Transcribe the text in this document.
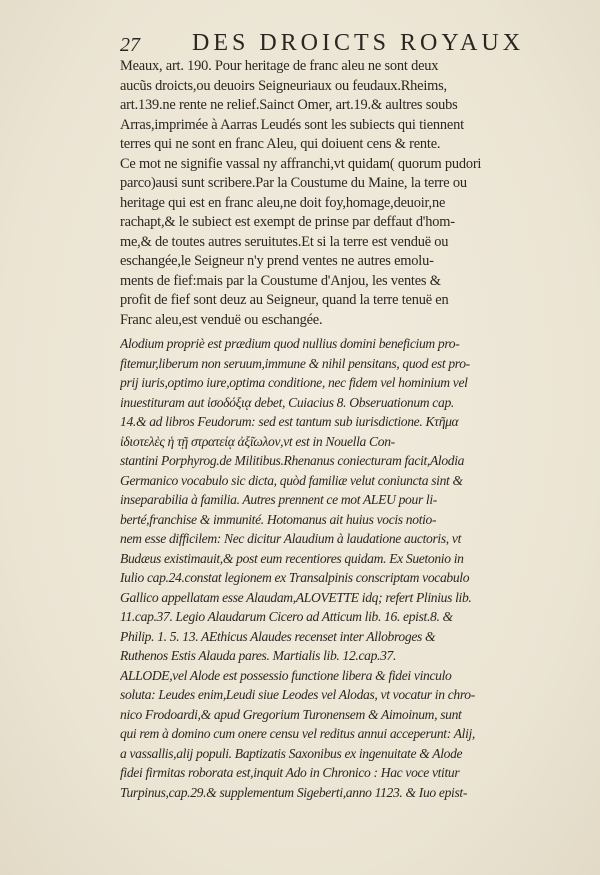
27 DES DROICTS ROYAUX
Meaux, art. 190. Pour heritage de franc aleu ne sont deux
aucũs droicts,ou deuoirs Seigneuriaux ou feudaux.Rheims,
art.139.ne rente ne relief.Sainct Omer, art.19.& aultres soubs
Arras,imprimée à Aarras Leudés sont les subiects qui tiennent
terres qui ne sont en franc Aleu, qui doiuent cens & rente.
Ce mot ne signifie vassal ny affranchi,vt quidam( quorum pudori
parco)ausi sunt scribere.Par la Coustume du Maine, la terre ou
heritage qui est en franc aleu,ne doit foy,homage,deuoir,ne
rachapt,& le subiect est exempt de prinse par deffaut d'hom-
me,& de toutes autres seruitutes.Et si la terre est venduë ou
eschangée,le Seigneur n'y prend ventes ne autres emolu-
ments de fief:mais par la Coustume d'Anjou, les ventes &
profit de fief sont deuz au Seigneur, quand la terre tenuë en
Franc aleu,est venduë ou eschangée.
Alodium propriè est prædium quod nullius domini beneficium pro-
fitemur,liberum non seruum,immune & nihil pensitans, quod est pro-
prij iuris,optimo iure,optima conditione, nec fidem vel hominium vel
inuestituram aut ἰσοδόξιᾳ debet, Cuiacius 8. Obseruationum cap.
14.& ad libros Feudorum: sed est tantum sub iurisdictione. Κτῆμα
ἰδιοτελὲς ἡ τῇ στρατείᾳ ἀξ̃ιωλον,vt est in Nouella Con-
stantini Porphyrog.de Militibus.Rhenanus coniecturam facit,Alodia
Germanico vocabulo sic dicta, quòd familiæ velut coniuncta sint &
inseparabilia à familia. Autres prennent ce mot ALEU pour li-
berté,franchise & immunité. Hotomanus ait huius vocis notio-
nem esse difficilem: Nec dicitur Alaudium à laudatione auctoris, vt
Budæus existimauit,& post eum recentiores quidam. Ex Suetonio in
Iulio cap.24.constat legionem ex Transalpinis conscriptam vocabulo
Gallico appellatam esse Alaudam,ALOVETTE idq; refert Plinius lib.
11.cap.37. Legio Alaudarum Cicero ad Atticum lib. 16. epist.8. &
Philip. 1. 5. 13. AEthicus Alaudes recenset inter Allobroges &
Ruthenos Estis Alauda pares. Martialis lib. 12.cap.37.
ALLODE,vel Alode est possessio functione libera & fidei vinculo
soluta: Leudes enim,Leudi siue Leodes vel Alodas, vt vocatur in chro-
nico Frodoardi,& apud Gregorium Turonensem & Aimoinum, sunt
qui rem à domino cum onere censu vel reditus annui acceperunt: Alij,
a vassallis,alij populi. Baptizatis Saxonibus ex ingenuitate & Alode
fidei firmitas roborata est,inquit Ado in Chronico : Hac voce vtitur
Turpinus,cap.29.& supplementum Sigeberti,anno 1123. & Iuo epist-
